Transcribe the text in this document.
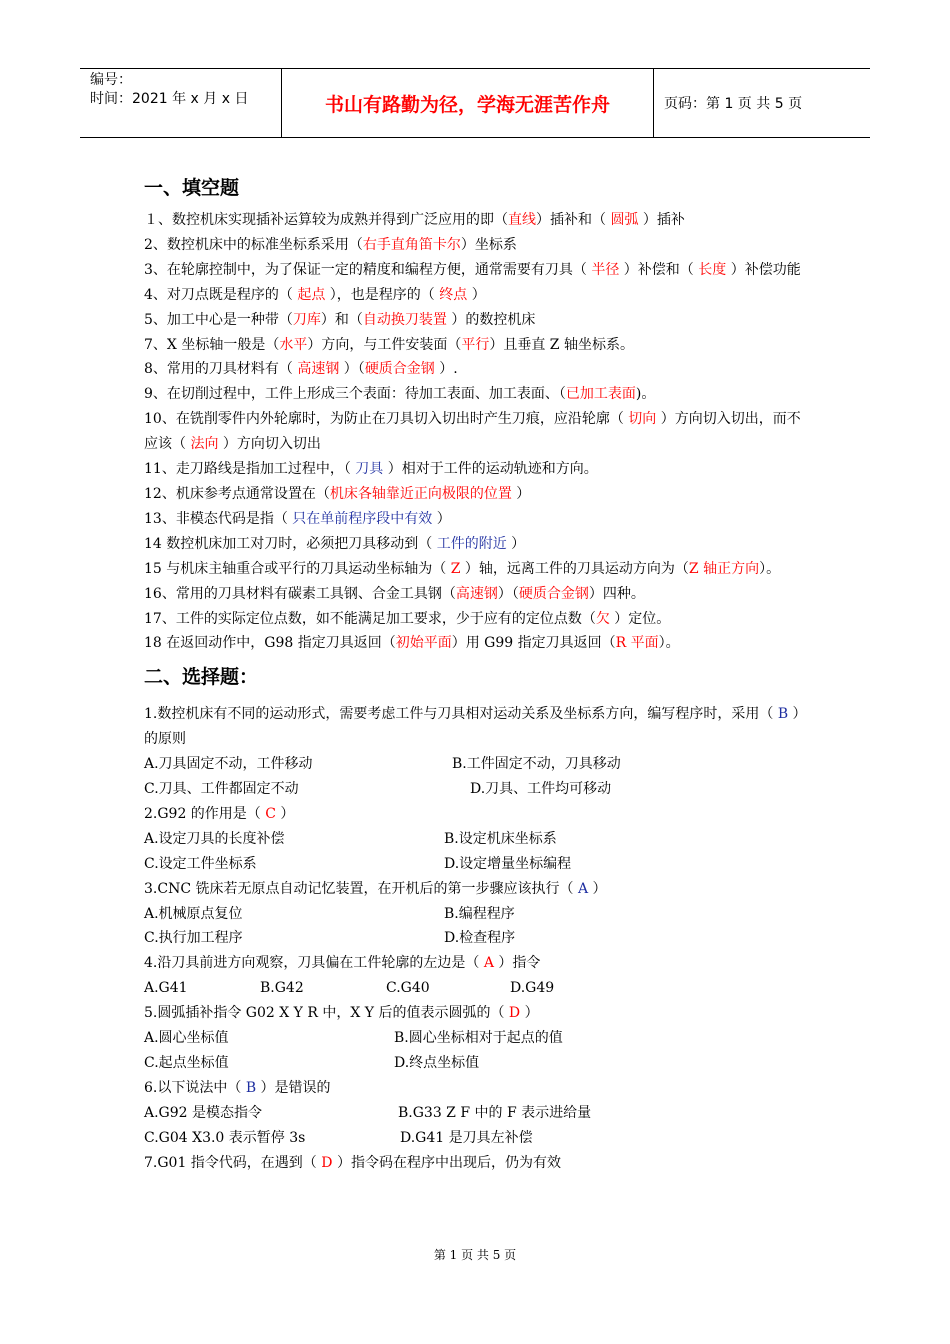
编号：
时间：2021 年 x 月 x 日	书山有路勤为径，学海无涯苦作舟	页码：第 1 页 共 5 页
一、填空题
１、数控机床实现插补运算较为成熟并得到广泛应用的即（直线）插补和（ 圆弧 ）插补
2、数控机床中的标准坐标系采用（右手直角笛卡尔）坐标系
3、在轮廓控制中，为了保证一定的精度和编程方便，通常需要有刀具（ 半径 ）补偿和（ 长度 ）补偿功能
4、对刀点既是程序的（ 起点 ），也是程序的（ 终点 ）
5、加工中心是一种带（刀库）和（自动换刀装置 ）的数控机床
7、X 坐标轴一般是（水平）方向，与工件安装面（平行）且垂直 Z 轴坐标系。
8、常用的刀具材料有（ 高速钢 ）（硬质合金钢 ）.
9、在切削过程中，工件上形成三个表面：待加工表面、加工表面、（已加工表面)。
10、在铣削零件内外轮廓时，为防止在刀具切入切出时产生刀痕，应沿轮廓（ 切向 ）方向切入切出，而不应该（ 法向 ）方向切入切出
11、走刀路线是指加工过程中，（ 刀具 ）相对于工件的运动轨迹和方向。
12、机床参考点通常设置在（机床各轴靠近正向极限的位置 ）
13、非模态代码是指（ 只在单前程序段中有效 ）
14 数控机床加工对刀时，必须把刀具移动到（ 工件的附近 ）
15 与机床主轴重合或平行的刀具运动坐标轴为（ Z ）轴，远离工件的刀具运动方向为（Z 轴正方向）。
16、常用的刀具材料有碳素工具钢、合金工具钢（高速钢）（硬质合金钢）四种。
17、工件的实际定位点数，如不能满足加工要求，少于应有的定位点数（欠 ）定位。
18 在返回动作中，G98 指定刀具返回（初始平面）用 G99 指定刀具返回（R 平面）。
二、选择题：
1.数控机床有不同的运动形式，需要考虑工件与刀具相对运动关系及坐标系方向，编写程序时，采用（ B ）的原则
A.刀具固定不动，工件移动	B.工件固定不动，刀具移动
C.刀具、工件都固定不动	D.刀具、工件均可移动
2.G92 的作用是（ C ）
A.设定刀具的长度补偿	B.设定机床坐标系
C.设定工件坐标系	D.设定增量坐标编程
3.CNC 铣床若无原点自动记忆装置，在开机后的第一步骤应该执行（ A ）
A.机械原点复位	B.编程程序
C.执行加工程序	D.检查程序
4.沿刀具前进方向观察，刀具偏在工件轮廓的左边是（ A ）指令
A.G41	B.G42	C.G40	D.G49
5.圆弧插补指令 G02 X Y R 中，X Y 后的值表示圆弧的（ D ）
A.圆心坐标值	B.圆心坐标相对于起点的值
C.起点坐标值	D.终点坐标值
6.以下说法中（ B ）是错误的
A.G92 是模态指令	B.G33 Z F 中的 F 表示进给量
C.G04 X3.0 表示暂停 3s	D.G41 是刀具左补偿
7.G01 指令代码，在遇到（ D ）指令码在程序中出现后，仍为有效
第 1 页 共 5 页
